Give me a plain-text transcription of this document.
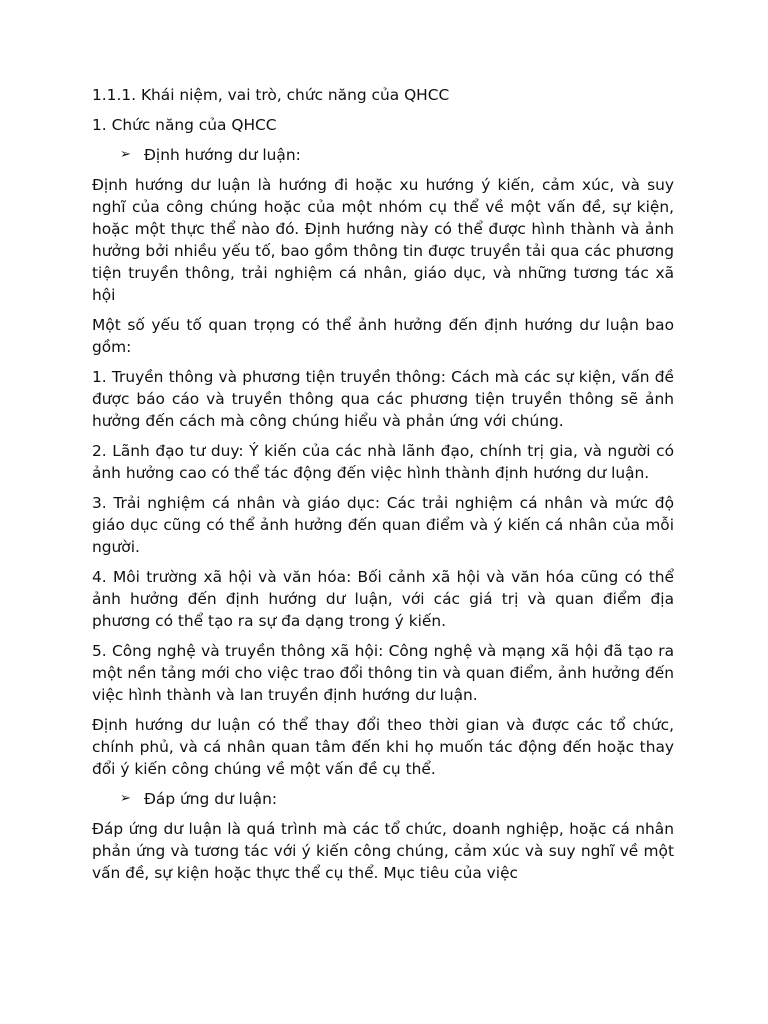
1.1.1. Khái niệm, vai trò, chức năng của QHCC
1. Chức năng của QHCC
➢ Định hướng dư luận:

Định hướng dư luận là hướng đi hoặc xu hướng ý kiến, cảm xúc, và suy nghĩ của công chúng hoặc của một nhóm cụ thể về một vấn đề, sự kiện, hoặc một thực thể nào đó. Định hướng này có thể được hình thành và ảnh hưởng bởi nhiều yếu tố, bao gồm thông tin được truyền tải qua các phương tiện truyền thông, trải nghiệm cá nhân, giáo dục, và những tương tác xã hội

Một số yếu tố quan trọng có thể ảnh hưởng đến định hướng dư luận bao gồm:

1. Truyền thông và phương tiện truyền thông: Cách mà các sự kiện, vấn đề được báo cáo và truyền thông qua các phương tiện truyền thông sẽ ảnh hưởng đến cách mà công chúng hiểu và phản ứng với chúng.

2. Lãnh đạo tư duy: Ý kiến của các nhà lãnh đạo, chính trị gia, và người có ảnh hưởng cao có thể tác động đến việc hình thành định hướng dư luận.

3. Trải nghiệm cá nhân và giáo dục: Các trải nghiệm cá nhân và mức độ giáo dục cũng có thể ảnh hưởng đến quan điểm và ý kiến cá nhân của mỗi người.

4. Môi trường xã hội và văn hóa: Bối cảnh xã hội và văn hóa cũng có thể ảnh hưởng đến định hướng dư luận, với các giá trị và quan điểm địa phương có thể tạo ra sự đa dạng trong ý kiến.

5. Công nghệ và truyền thông xã hội: Công nghệ và mạng xã hội đã tạo ra một nền tảng mới cho việc trao đổi thông tin và quan điểm, ảnh hưởng đến việc hình thành và lan truyền định hướng dư luận.

Định hướng dư luận có thể thay đổi theo thời gian và được các tổ chức, chính phủ, và cá nhân quan tâm đến khi họ muốn tác động đến hoặc thay đổi ý kiến công chúng về một vấn đề cụ thể.

➢ Đáp ứng dư luận:

Đáp ứng dư luận là quá trình mà các tổ chức, doanh nghiệp, hoặc cá nhân phản ứng và tương tác với ý kiến công chúng, cảm xúc và suy nghĩ về một vấn đề, sự kiện hoặc thực thể cụ thể. Mục tiêu của việc
